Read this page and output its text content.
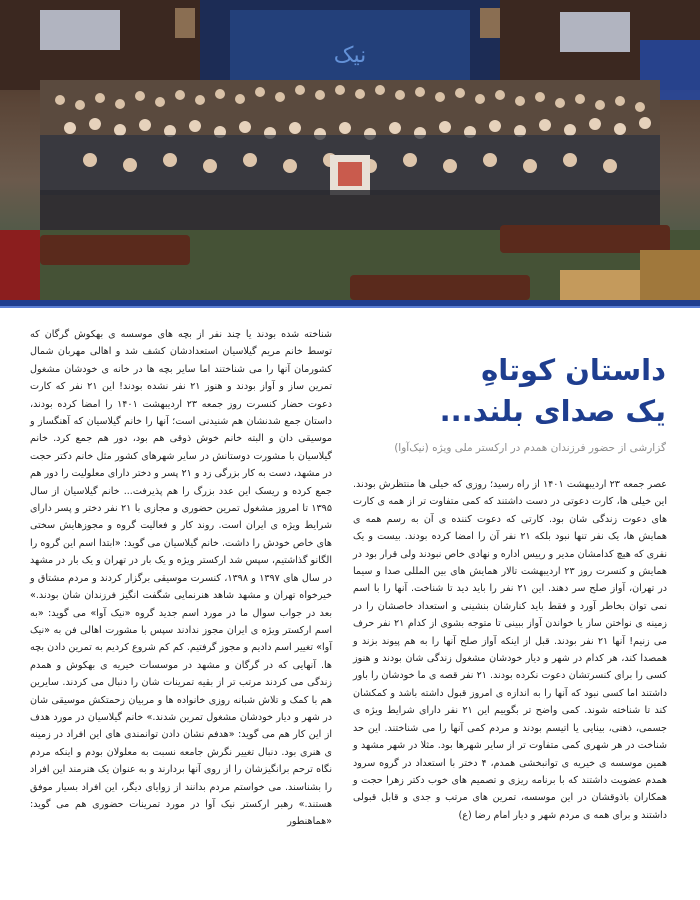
ﻧﯿﮏ
داستان کوتاهِ
یک صدای بلند...
گزارشی از حضور فرزندان همدم در ارکستر ملی ویژه (نیک‌آوا)

عصر جمعه ۲۳ اردیبهشت ۱۴۰۱ از راه رسید؛ روزی که خیلی ها منتظرش بودند. این خیلی ها، کارت دعوتی در دست داشتند که کمی متفاوت تر از همه ی کارت های دعوت زندگی شان بود. کارتی که دعوت کننده ی آن به رسم همه ی همایش ها، یک نفر تنها نبود بلکه ۲۱ نفر آن را امضا کرده بودند. بیست و یک نفری که هیچ کدامشان مدیر و رییس اداره و نهادی خاص نبودند ولی قرار بود در همایش و کنسرت روز ۲۳ اردیبهشت تالار همایش های بین المللی صدا و سیما در تهران، آواز صلح سر دهند. این ۲۱ نفر را باید دید تا شناخت. آنها را با اسم نمی توان بخاطر آورد و فقط باید کنارشان بنشینی و استعداد خاصشان را در زمینه ی نواختن ساز یا خواندن آواز ببینی تا متوجه بشوی از کدام ۲۱ نفر حرف می زنیم! آنها ۲۱ نفر بودند. قبل از اینکه آواز صلح آنها را به هم پیوند بزند و همصدا کند، هر کدام در شهر و دیار خودشان مشغول زندگی شان بودند و هنوز کسی را برای کنسرتشان دعوت نکرده بودند. ۲۱ نفر قصه ی ما خودشان را باور داشتند اما کسی نبود که آنها را به اندازه ی امروز قبول داشته باشد و کمکشان کند تا شناخته شوند. کمی واضح تر بگوییم این ۲۱ نفر دارای شرایط ویژه ی جسمی، ذهنی، بینایی یا اتیسم بودند و مردم کمی آنها را می شناختند. این حد شناخت در هر شهری کمی متفاوت تر از سایر شهرها بود. مثلا در شهر مشهد و همین موسسه ی خیریه ی توانبخشی همدم، ۴ دختر با استعداد در گروه سرود همدم عضویت داشتند که با برنامه ریزی و تصمیم های خوب دکتر زهرا حجت و همکاران باذوقشان در این موسسه، تمرین های مرتب و جدی و قابل قبولی داشتند و برای همه ی مردم شهر و دیار امام رضا (ع)

شناخته شده بودند یا چند نفر از بچه های موسسه ی بهکوش گرگان که توسط خانم مریم گیلاسیان استعدادشان کشف شد و اهالی مهربان شمال کشورمان آنها را می شناختند اما سایر بچه ها در خانه ی خودشان مشغول تمرین ساز و آواز بودند و هنوز ۲۱ نفر نشده بودند! این ۲۱ نفر که کارت دعوت حضار کنسرت روز جمعه ۲۳ اردیبهشت ۱۴۰۱ را امضا کرده بودند، داستان جمع شدنشان هم شنیدنی است؛ آنها را خانم گیلاسیان که آهنگساز و موسیقی دان و البته خانم خوش ذوقی هم بود، دور هم جمع کرد. خانم گیلاسیان با مشورت دوستانش در سایر شهرهای کشور مثل خانم دکتر حجت در مشهد، دست به کار بزرگی زد و ۲۱ پسر و دختر دارای معلولیت را دور هم جمع کرده و ریسک این عدد بزرگ را هم پذیرفت... خانم گیلاسیان از سال ۱۳۹۵ تا امروز مشغول تمرین حضوری و مجازی با ۲۱ نفر دختر و پسر دارای شرایط ویژه ی ایران است. روند کار و فعالیت گروه و مجوزهایش سختی های خاص خودش را داشت. خانم گیلاسیان می گوید: «ابتدا اسم این گروه را الگانو گذاشتیم، سپس شد ارکستر ویژه و یک بار در تهران و یک بار در مشهد در سال های ۱۳۹۷ و ۱۳۹۸، کنسرت موسیقی برگزار کردند و مردم مشتاق و خیرخواه تهران و مشهد شاهد هنرنمایی شگفت انگیز فرزندان شان بودند.» بعد در جواب سوال ما در مورد اسم جدید گروه «نیک آوا» می گوید: «به اسم ارکستر ویژه ی ایران مجوز ندادند سپس با مشورت اهالی فن به «نیک آوا» تغییر اسم دادیم و مجوز گرفتیم. کم کم شروع کردیم به تمرین دادن بچه ها. آنهایی که در گرگان و مشهد در موسسات خیریه ی بهکوش و همدم زندگی می کردند مرتب تر از بقیه تمرینات شان را دنبال می کردند. سایرین هم با کمک و تلاش شبانه روزی خانواده ها و مربیان زحمتکش موسیقی شان در شهر و دیار خودشان مشغول تمرین شدند.» خانم گیلاسیان در مورد هدف از این کار هم می گوید: «هدفم نشان دادن توانمندی های این افراد در زمینه ی هنری بود. دنبال تغییر نگرش جامعه نسبت به معلولان بودم و اینکه مردم نگاه ترحم برانگیزشان را از روی آنها بردارند و به عنوان یک هنرمند این افراد را بشناسند. می خواستم مردم بدانند از زوایای دیگر، این افراد بسیار موفق هستند.» رهبر ارکستر نیک آوا در مورد تمرینات حضوری هم می گوید: «هماهنطور
